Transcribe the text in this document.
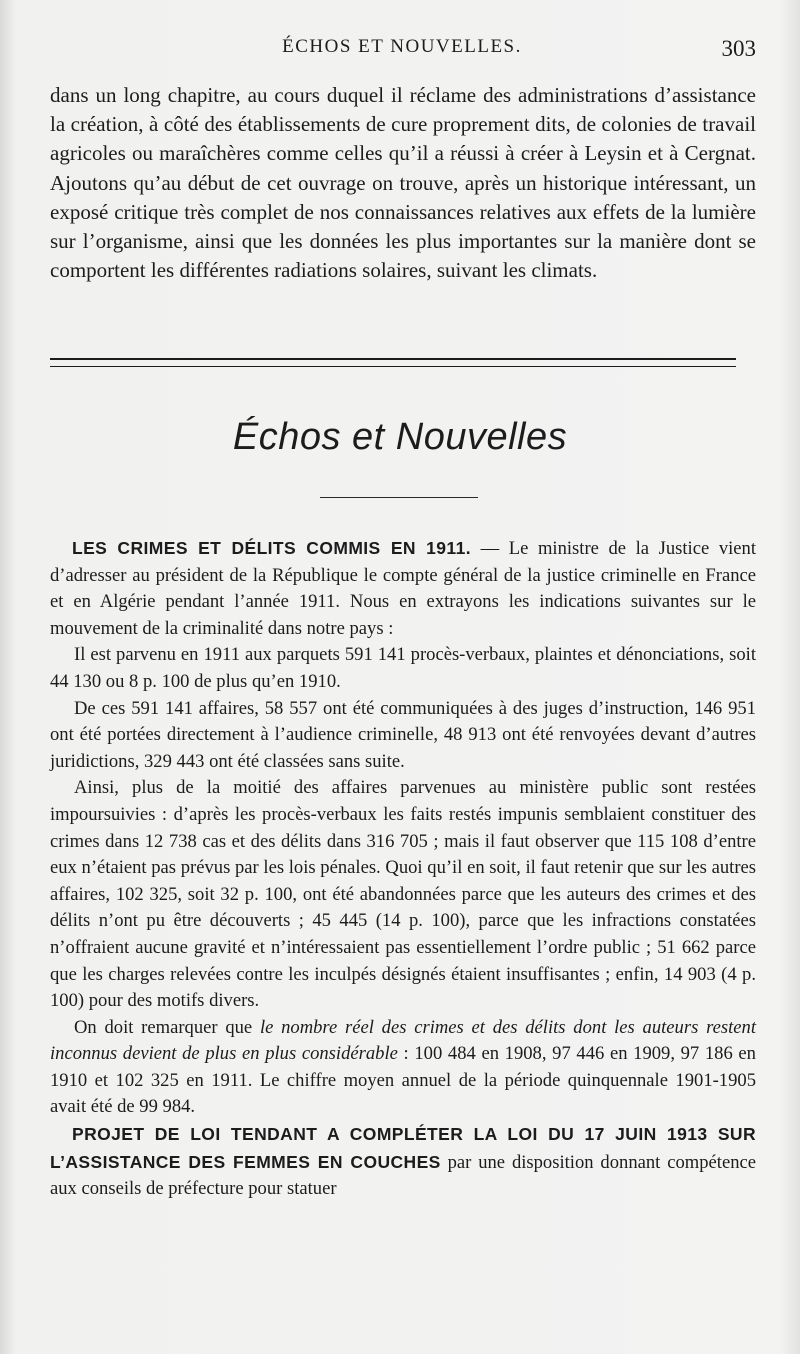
ÉCHOS ET NOUVELLES.	303

dans un long chapitre, au cours duquel il réclame des administrations d’assistance la création, à côté des établissements de cure proprement dits, de colonies de travail agricoles ou maraîchères comme celles qu’il a réussi à créer à Leysin et à Cergnat. Ajoutons qu’au début de cet ouvrage on trouve, après un historique intéressant, un exposé critique très complet de nos connaissances relatives aux effets de la lumière sur l’organisme, ainsi que les données les plus importantes sur la manière dont se comportent les différentes radiations solaires, suivant les climats.

Échos et Nouvelles

LES CRIMES ET DÉLITS COMMIS EN 1911. — Le ministre de la Justice vient d’adresser au président de la République le compte général de la justice criminelle en France et en Algérie pendant l’année 1911. Nous en extrayons les indications suivantes sur le mouvement de la criminalité dans notre pays :

Il est parvenu en 1911 aux parquets 591 141 procès-verbaux, plaintes et dénonciations, soit 44 130 ou 8 p. 100 de plus qu’en 1910.

De ces 591 141 affaires, 58 557 ont été communiquées à des juges d’instruction, 146 951 ont été portées directement à l’audience criminelle, 48 913 ont été renvoyées devant d’autres juridictions, 329 443 ont été classées sans suite.

Ainsi, plus de la moitié des affaires parvenues au ministère public sont restées impoursuivies : d’après les procès-verbaux les faits restés impunis semblaient constituer des crimes dans 12 738 cas et des délits dans 316 705 ; mais il faut observer que 115 108 d’entre eux n’étaient pas prévus par les lois pénales. Quoi qu’il en soit, il faut retenir que sur les autres affaires, 102 325, soit 32 p. 100, ont été abandonnées parce que les auteurs des crimes et des délits n’ont pu être découverts ; 45 445 (14 p. 100), parce que les infractions constatées n’offraient aucune gravité et n’intéressaient pas essentiellement l’ordre public ; 51 662 parce que les charges relevées contre les inculpés désignés étaient insuffisantes ; enfin, 14 903 (4 p. 100) pour des motifs divers.

On doit remarquer que le nombre réel des crimes et des délits dont les auteurs restent inconnus devient de plus en plus considérable : 100 484 en 1908, 97 446 en 1909, 97 186 en 1910 et 102 325 en 1911. Le chiffre moyen annuel de la période quinquennale 1901-1905 avait été de 99 984.

PROJET DE LOI TENDANT A COMPLÉTER LA LOI DU 17 JUIN 1913 SUR L’ASSISTANCE DES FEMMES EN COUCHES par une disposition donnant compétence aux conseils de préfecture pour statuer
